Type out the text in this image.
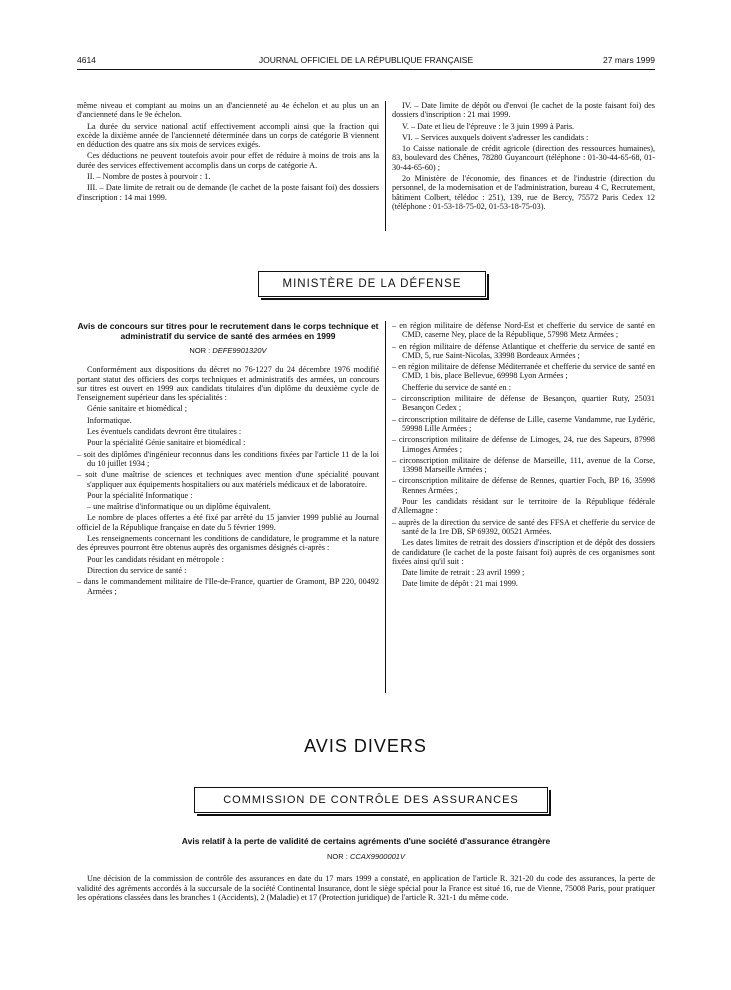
4614	JOURNAL OFFICIEL DE LA RÉPUBLIQUE FRANÇAISE	27 mars 1999

même niveau et comptant au moins un an d'ancienneté au 4e échelon et au plus un an d'ancienneté dans le 9e échelon.

La durée du service national actif effectivement accompli ainsi que la fraction qui excède la dixième année de l'ancienneté déterminée dans un corps de catégorie B viennent en déduction des quatre ans six mois de services exigés.

Ces déductions ne peuvent toutefois avoir pour effet de réduire à moins de trois ans la durée des services effectivement accomplis dans un corps de catégorie A.

II. – Nombre de postes à pourvoir : 1.

III. – Date limite de retrait ou de demande (le cachet de la poste faisant foi) des dossiers d'inscription : 14 mai 1999.

IV. – Date limite de dépôt ou d'envoi (le cachet de la poste faisant foi) des dossiers d'inscription : 21 mai 1999.

V. – Date et lieu de l'épreuve : le 3 juin 1999 à Paris.

VI. – Services auxquels doivent s'adresser les candidats :

1o Caisse nationale de crédit agricole (direction des ressources humaines), 83, boulevard des Chênes, 78280 Guyancourt (téléphone : 01-30-44-65-68, 01-30-44-65-60) ;

2o Ministère de l'économie, des finances et de l'industrie (direction du personnel, de la modernisation et de l'administration, bureau 4 C, Recrutement, bâtiment Colbert, télédoc : 251), 139, rue de Bercy, 75572 Paris Cedex 12 (téléphone : 01-53-18-75-02, 01-53-18-75-03).

MINISTÈRE DE LA DÉFENSE
Avis de concours sur titres pour le recrutement dans le corps technique et administratif du service de santé des armées en 1999
NOR : DEFE9901320V

Conformément aux dispositions du décret no 76-1227 du 24 décembre 1976 modifié portant statut des officiers des corps techniques et administratifs des armées, un concours sur titres est ouvert en 1999 aux candidats titulaires d'un diplôme du deuxième cycle de l'enseignement supérieur dans les spécialités :

Génie sanitaire et biomédical ;

Informatique.

Les éventuels candidats devront être titulaires :

Pour la spécialité Génie sanitaire et biomédical :

– soit des diplômes d'ingénieur reconnus dans les conditions fixées par l'article 11 de la loi du 10 juillet 1934 ;

– soit d'une maîtrise de sciences et techniques avec mention d'une spécialité pouvant s'appliquer aux équipements hospitaliers ou aux matériels médicaux et de laboratoire.

Pour la spécialité Informatique :

– une maîtrise d'informatique ou un diplôme équivalent.

Le nombre de places offertes a été fixé par arrêté du 15 janvier 1999 publié au Journal officiel de la République française en date du 5 février 1999.

Les renseignements concernant les conditions de candidature, le programme et la nature des épreuves pourront être obtenus auprès des organismes désignés ci-après :

Pour les candidats résidant en métropole :

Direction du service de santé :

– dans le commandement militaire de l'Ile-de-France, quartier de Gramont, BP 220, 00492 Armées ;

– en région militaire de défense Nord-Est et chefferie du service de santé en CMD, caserne Ney, place de la République, 57998 Metz Armées ;

– en région militaire de défense Atlantique et chefferie du service de santé en CMD, 5, rue Saint-Nicolas, 33998 Bordeaux Armées ;

– en région militaire de défense Méditerranée et chefferie du service de santé en CMD, 1 bis, place Bellevue, 69998 Lyon Armées ;

Chefferie du service de santé en :

– circonscription militaire de défense de Besançon, quartier Ruty, 25031 Besançon Cedex ;

– circonscription militaire de défense de Lille, caserne Vandamme, rue Lydéric, 59998 Lille Armées ;

– circonscription militaire de défense de Limoges, 24, rue des Sapeurs, 87998 Limoges Armées ;

– circonscription militaire de défense de Marseille, 111, avenue de la Corse, 13998 Marseille Armées ;

– circonscription militaire de défense de Rennes, quartier Foch, BP 16, 35998 Rennes Armées ;

Pour les candidats résidant sur le territoire de la République fédérale d'Allemagne :

– auprès de la direction du service de santé des FFSA et chefferie du service de santé de la 1re DB, SP 69392, 00521 Armées.

Les dates limites de retrait des dossiers d'inscription et de dépôt des dossiers de candidature (le cachet de la poste faisant foi) auprès de ces organismes sont fixées ainsi qu'il suit :

Date limite de retrait : 23 avril 1999 ;

Date limite de dépôt : 21 mai 1999.

AVIS DIVERS
COMMISSION DE CONTRÔLE DES ASSURANCES
Avis relatif à la perte de validité de certains agréments d'une société d'assurance étrangère
NOR : CCAX9900001V
Une décision de la commission de contrôle des assurances en date du 17 mars 1999 a constaté, en application de l'article R. 321-20 du code des assurances, la perte de validité des agréments accordés à la succursale de la société Continental Insurance, dont le siège spécial pour la France est situé 16, rue de Vienne, 75008 Paris, pour pratiquer les opérations classées dans les branches 1 (Accidents), 2 (Maladie) et 17 (Protection juridique) de l'article R. 321-1 du même code.
